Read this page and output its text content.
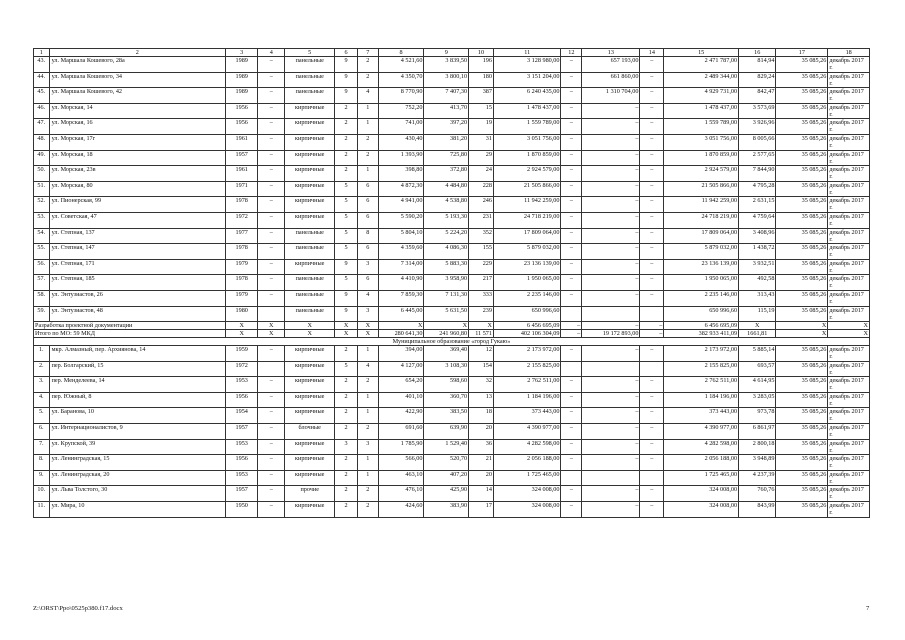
1	2	3	4	5	6	7	8	9	10	11	12	13	14	15	16	17	18
43.	ул. Маршала Кошевого, 28а	1989	–	панельные	9	2	4 521,60	3 839,50	196	3 128 980,00	–	657 193,00	–	2 471 787,00	814,94	35 085,26	декабрь 2017 г.
44.	ул. Маршала Кошевого, 34	1989	–	панельные	9	2	4 350,70	3 800,10	180	3 151 204,00	–	661 860,00	–	2 489 344,00	829,24	35 085,26	декабрь 2017 г.
45.	ул. Маршала Кошевого, 42	1989	–	панельные	9	4	8 770,90	7 407,30	387	6 240 435,00	–	1 310 704,00	–	4 929 731,00	842,47	35 085,26	декабрь 2017 г.
46.	ул. Морская, 14	1956	–	кирпичные	2	1	752,20	413,70	15	1 478 437,00	–	–	–	1 478 437,00	3 573,69	35 085,26	декабрь 2017 г.
47.	ул. Морская, 16	1956	–	кирпичные	2	1	741,00	397,20	19	1 559 789,00	–	–	–	1 559 789,00	3 926,96	35 085,26	декабрь 2017 г.
48.	ул. Морская, 17г	1961	–	кирпичные	2	2	430,40	381,20	31	3 051 756,00	–	–	–	3 051 756,00	8 005,66	35 085,26	декабрь 2017 г.
49.	ул. Морская, 18	1957	–	кирпичные	2	2	1 393,90	725,80	29	1 870 859,00	–	–	–	1 870 859,00	2 577,65	35 085,26	декабрь 2017 г.
50.	ул. Морская, 23в	1961	–	кирпичные	2	1	398,80	372,80	24	2 924 579,00	–	–	–	2 924 579,00	7 844,90	35 085,26	декабрь 2017 г.
51.	ул. Морская, 80	1971	–	кирпичные	5	6	4 872,30	4 484,80	228	21 505 866,00	–	–	–	21 505 866,00	4 795,28	35 085,26	декабрь 2017 г.
52.	ул. Пионерская, 99	1978	–	кирпичные	5	6	4 941,00	4 538,80	246	11 942 259,00	–	–	–	11 942 259,00	2 631,15	35 085,26	декабрь 2017 г.
53.	ул. Советская, 47	1972	–	кирпичные	5	6	5 590,20	5 193,30	231	24 718 219,00	–	–	–	24 718 219,00	4 759,64	35 085,26	декабрь 2017 г.
54.	ул. Степная, 137	1977	–	панельные	5	8	5 804,10	5 224,20	352	17 809 064,00	–	–	–	17 809 064,00	3 408,96	35 085,26	декабрь 2017 г.
55.	ул. Степная, 147	1978	–	панельные	5	6	4 359,60	4 086,30	155	5 879 032,00	–	–	–	5 879 032,00	1 438,72	35 085,26	декабрь 2017 г.
56.	ул. Степная, 171	1979	–	кирпичные	9	3	7 314,00	5 883,30	229	23 136 139,00	–	–	–	23 136 139,00	3 932,51	35 085,26	декабрь 2017 г.
57.	ул. Степная, 185	1978	–	панельные	5	6	4 410,90	3 958,90	217	1 950 065,00	–	–	–	1 950 065,00	492,58	35 085,26	декабрь 2017 г.
58.	ул. Энтузиастов, 26	1979	–	панельные	9	4	7 859,30	7 131,30	333	2 235 146,00	–	–	–	2 235 146,00	313,43	35 085,26	декабрь 2017 г.
59.	ул. Энтузиастов, 48	1980		панельные	9	3	6 445,00	5 631,50	239	650 996,60				650 996,60	115,19	35 085,26	декабрь 2017 г.
Разработка проектной документации		Х	Х	Х	Х	Х	Х	Х	Х	6 456 695,09	–	–	–	6 456 695,09	Х	Х	Х
Итого по МО: 59 МКД		Х	Х	Х	Х	Х	280 641,30	241 960,80	11 571	402 106 304,09	–	19 172 893,00	–	382 933 411,09	1661,81	Х	Х
Муниципальное образование «город Гукаю»																	
1.	мкр. Алмазный, пер. Архиянова, 14	1959	–	кирпичные	2	1	394,00	369,40	12	2 173 972,00	–	–	–	2 173 972,00	5 885,14	35 085,26	декабрь 2017 г.
2.	пер. Болгарский, 15	1972		кирпичные	5	4	4 127,00	3 108,30	154	2 155 825,00				2 155 825,00	693,57	35 085,26	декабрь 2017 г.
3.	пер. Менделеева, 14	1953	–	кирпичные	2	2	654,20	598,60	32	2 762 511,00	–	–	–	2 762 511,00	4 614,95	35 085,26	декабрь 2017 г.
4.	пер. Южный, 8	1956	–	кирпичные	2	1	401,10	360,70	13	1 184 196,00	–	–	–	1 184 196,00	3 283,05	35 085,26	декабрь 2017 г.
5.	ул. Баранова, 10	1954	–	кирпичные	2	1	422,90	383,50	18	373 443,00	–	–	–	373 443,00	973,78	35 085,26	декабрь 2017 г.
6.	ул. Интернационалистов, 9	1957	–	блочные	2	2	691,60	639,90	20	4 390 977,00	–	–	–	4 390 977,00	6 861,97	35 085,26	декабрь 2017 г.
7.	ул. Крупской, 39	1953	–	кирпичные	3	3	1 785,90	1 529,40	36	4 282 598,00	–	–	–	4 282 598,00	2 800,18	35 085,26	декабрь 2017 г.
8.	ул. Ленинградская, 15	1956	–	кирпичные	2	1	566,00	520,70	21	2 056 188,00	–	–	–	2 056 188,00	3 948,89	35 085,26	декабрь 2017 г.
9.	ул. Ленинградская, 20	1953	–	кирпичные	2	1	463,10	407,20	20	1 725 465,00				1 725 465,00	4 237,39	35 085,26	декабрь 2017 г.
10.	ул. Льва Толстого, 30	1957	–	прочие	2	2	476,10	425,90	14	324 008,00	–	–	–	324 008,00	760,76	35 085,26	декабрь 2017 г.
11.	ул. Мира, 10	1950	–	кирпичные	2	2	424,60	383,90	17	324 008,00	–	–	–	324 008,00	843,99	35 085,26	декабрь 2017 г.
Z:\ORST\Ppo\0525p380.f17.docx	7
